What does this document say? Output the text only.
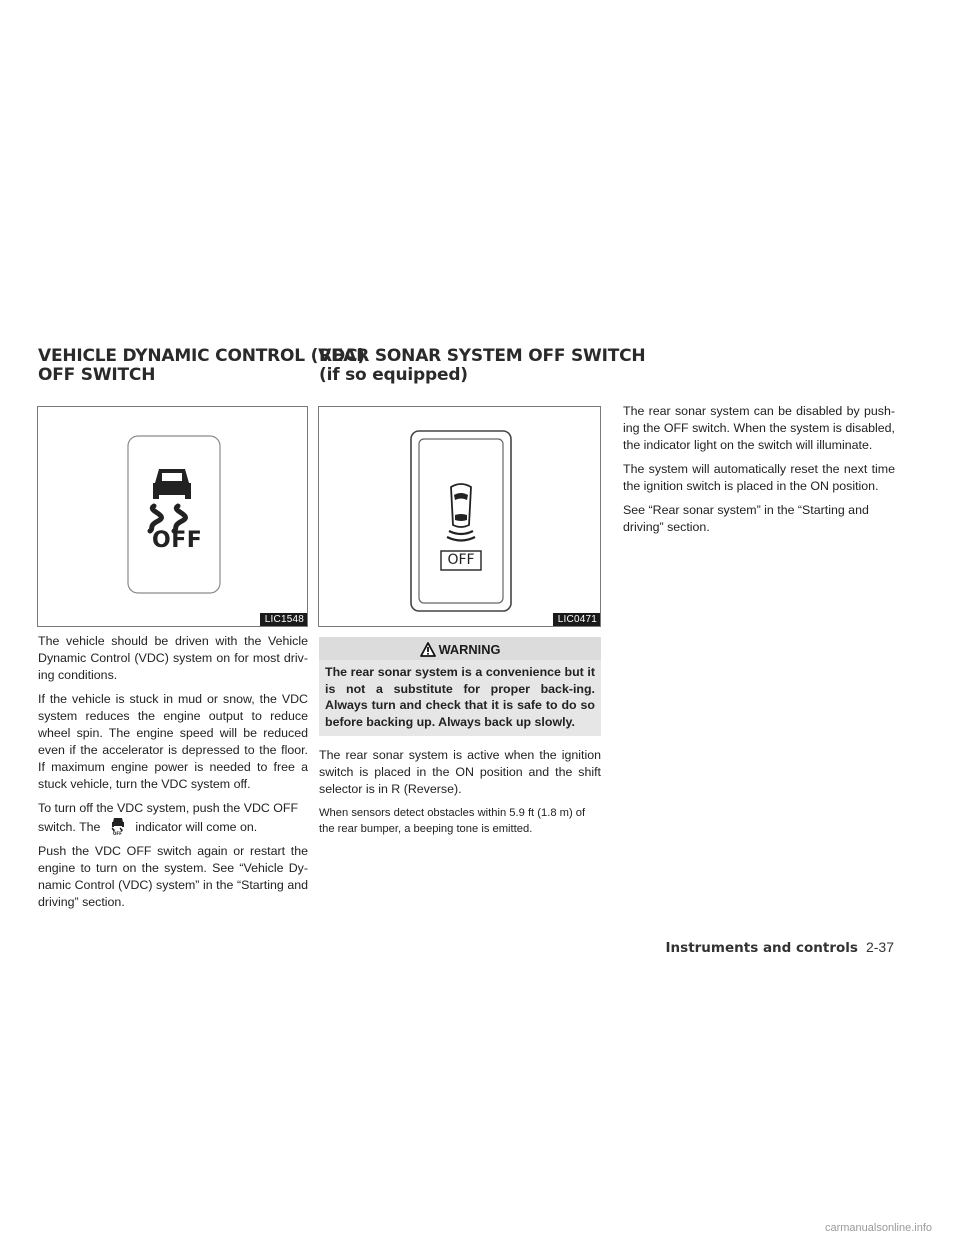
VEHICLE DYNAMIC CONTROL (VDC)
OFF SWITCH
REAR SONAR SYSTEM OFF SWITCH
(if so equipped)
OFF
LIC1548
OFF
LIC0471

The vehicle should be driven with the Vehicle Dynamic Control (VDC) system on for most driv-ing conditions.

If the vehicle is stuck in mud or snow, the VDC system reduces the engine output to reduce wheel spin. The engine speed will be reduced even if the accelerator is depressed to the floor. If maximum engine power is needed to free a stuck vehicle, turn the VDC system off.

To turn off the VDC system, push the VDC OFF switch. The	OFF indicator will come on.

Push the VDC OFF switch again or restart the engine to turn on the system. See “Vehicle Dy-namic Control (VDC) system” in the “Starting and driving” section.

WARNING
The rear sonar system is a convenience but it is not a substitute for proper back-ing. Always turn and check that it is safe to do so before backing up. Always back up slowly.

The rear sonar system is active when the ignition switch is placed in the ON position and the shift selector is in R (Reverse).

When sensors detect obstacles within 5.9 ft (1.8 m) of the rear bumper, a beeping tone is emitted.

The rear sonar system can be disabled by push-ing the OFF switch. When the system is disabled, the indicator light on the switch will illuminate.

The system will automatically reset the next time the ignition switch is placed in the ON position.

See “Rear sonar system” in the “Starting and driving” section.

Instruments and controls 2-37
carmanualsonline.info
